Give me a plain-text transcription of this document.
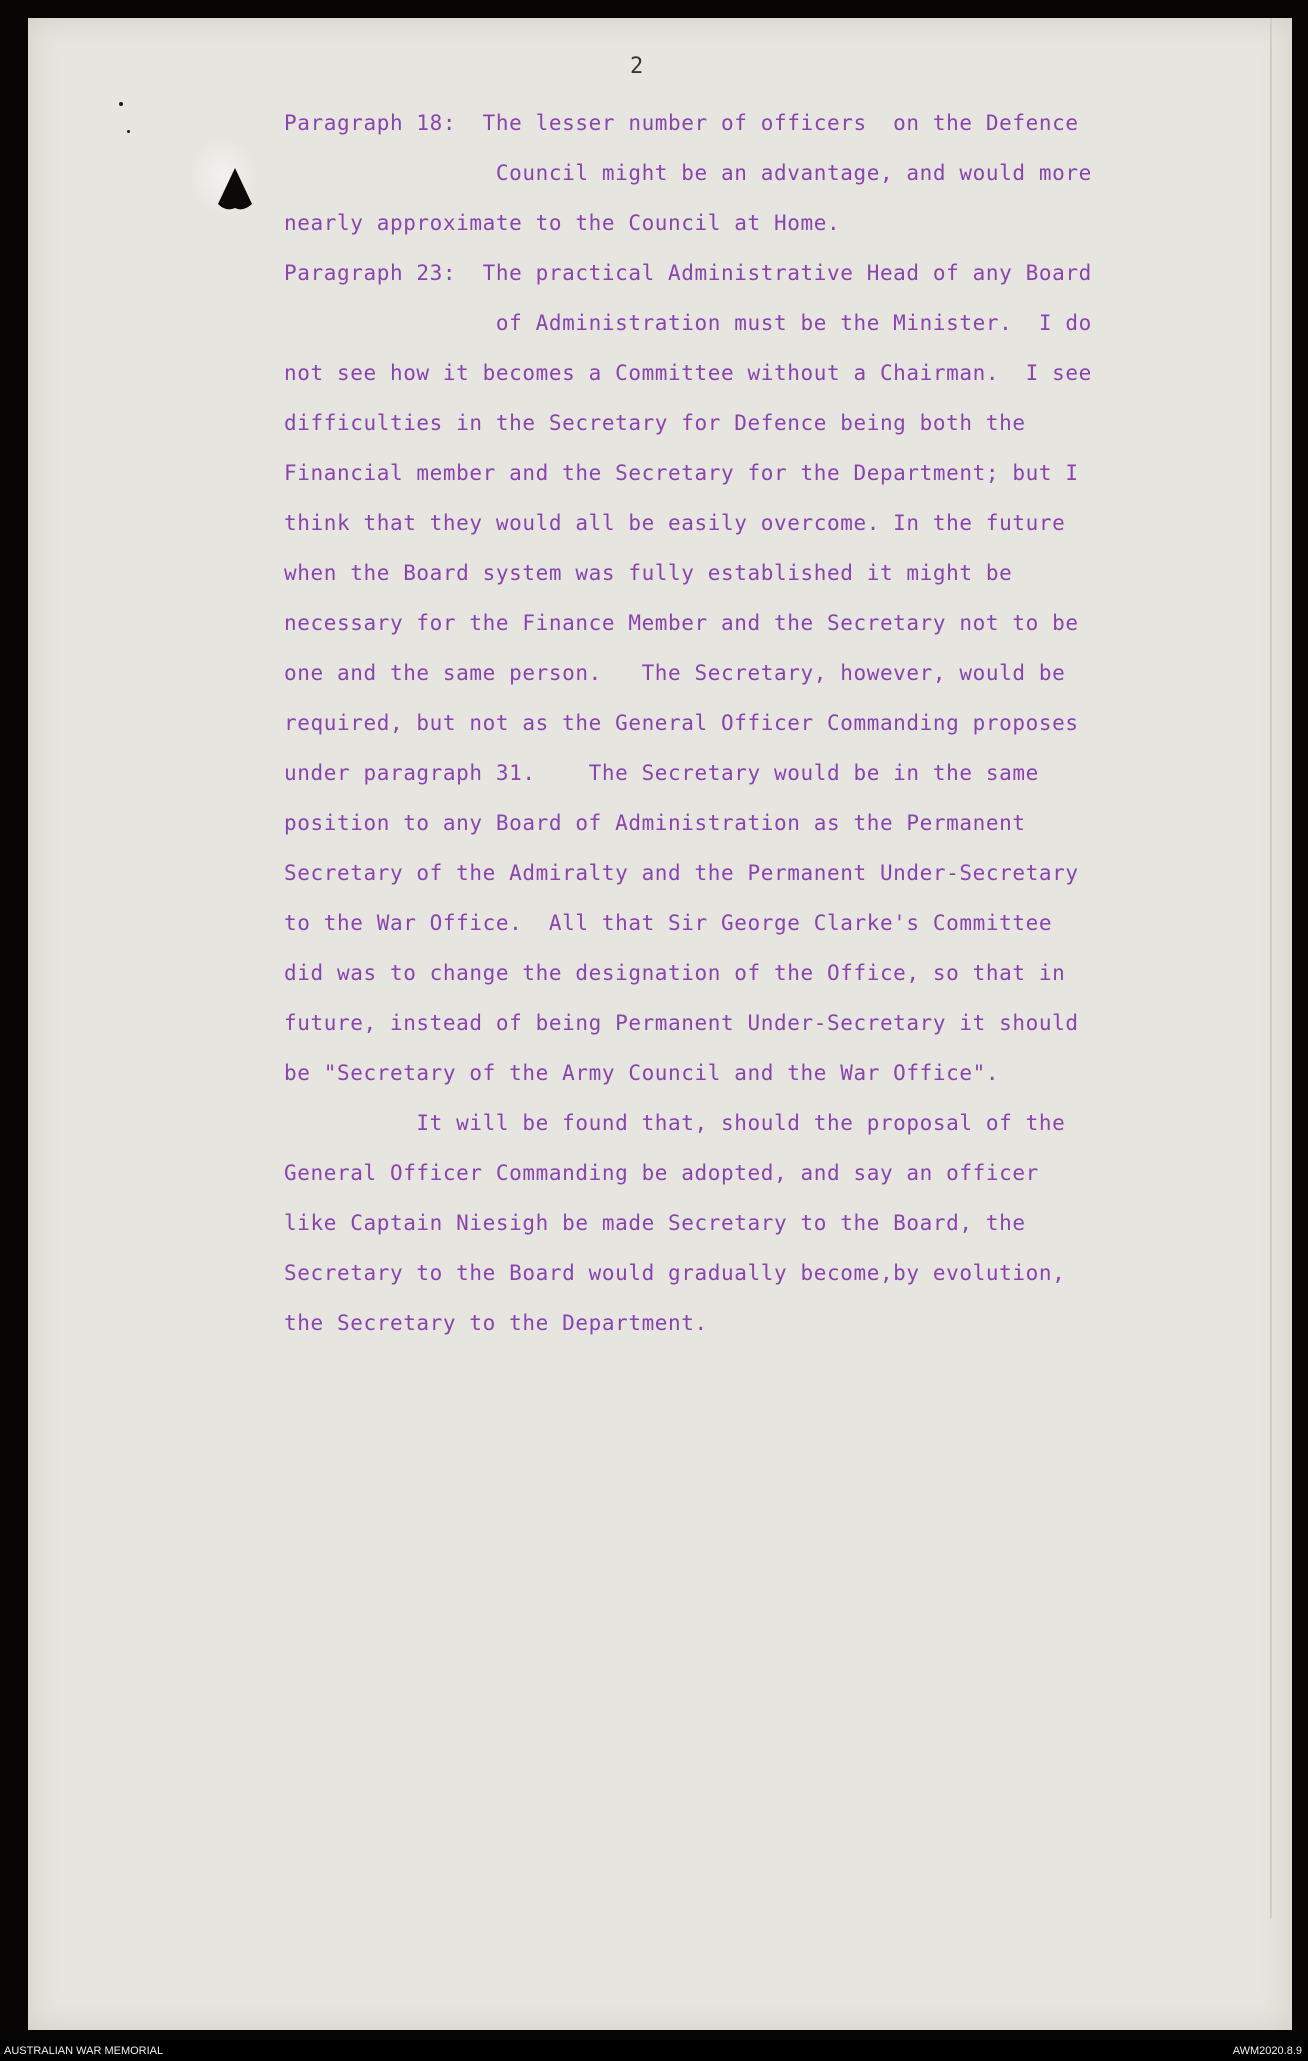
2

Paragraph 18:  The lesser number of officers  on the Defence

Council might be an advantage, and would more

nearly approximate to the Council at Home.

Paragraph 23:  The practical Administrative Head of any Board

of Administration must be the Minister.  I do

not see how it becomes a Committee without a Chairman.  I see

difficulties in the Secretary for Defence being both the

Financial member and the Secretary for the Department; but I

think that they would all be easily overcome. In the future

when the Board system was fully established it might be

necessary for the Finance Member and the Secretary not to be

one and the same person.   The Secretary, however, would be

required, but not as the General Officer Commanding proposes

under paragraph 31.    The Secretary would be in the same

position to any Board of Administration as the Permanent

Secretary of the Admiralty and the Permanent Under-Secretary

to the War Office.  All that Sir George Clarke's Committee

did was to change the designation of the Office, so that in

future, instead of being Permanent Under-Secretary it should

be "Secretary of the Army Council and the War Office".

It will be found that, should the proposal of the

General Officer Commanding be adopted, and say an officer

like Captain Niesigh be made Secretary to the Board, the

Secretary to the Board would gradually become,by evolution,

the Secretary to the Department.

AUSTRALIAN WAR MEMORIAL	AWM2020.8.9
